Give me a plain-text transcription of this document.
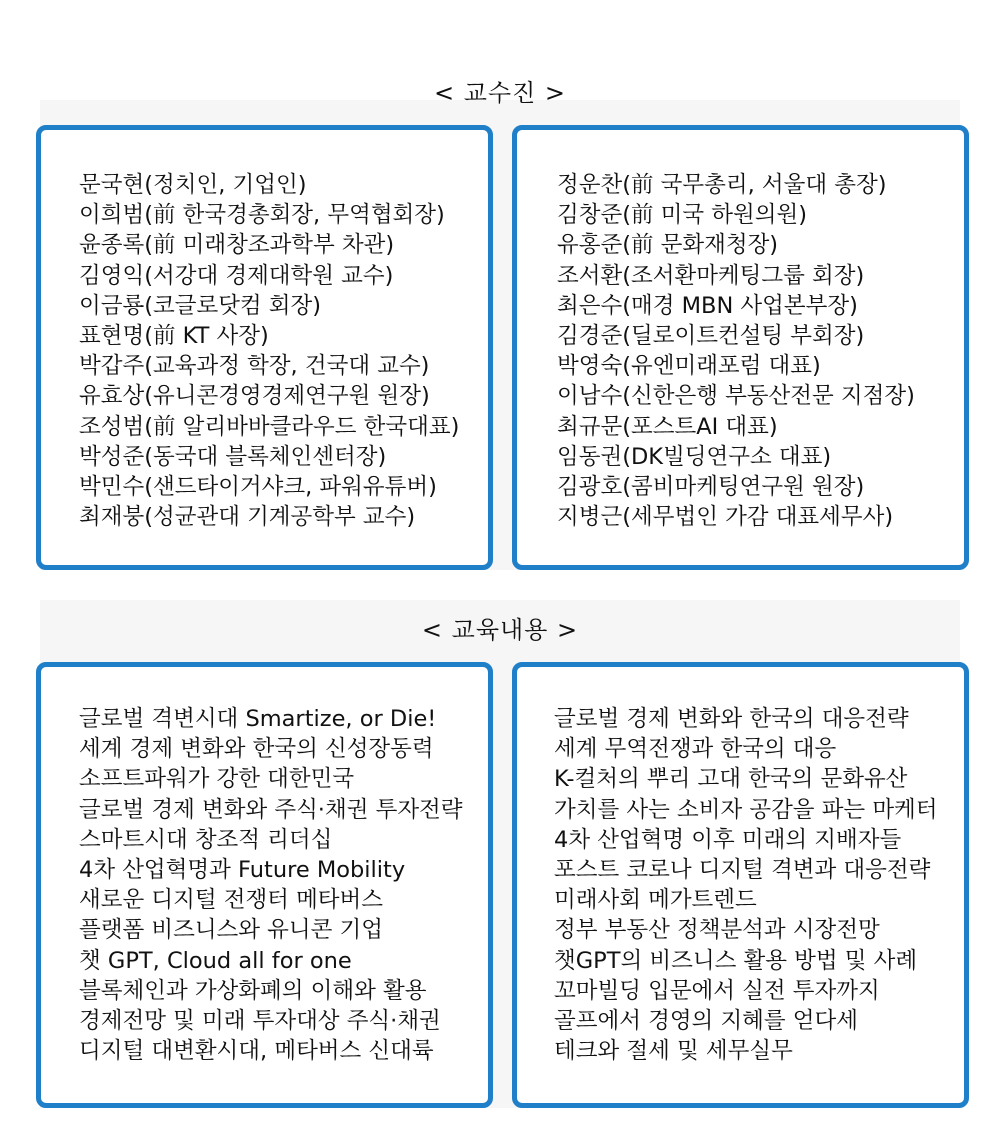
< 교수진 >
문국현(정치인, 기업인)
이희범(前 한국경총회장, 무역협회장)
윤종록(前 미래창조과학부 차관)
김영익(서강대 경제대학원 교수)
이금룡(코글로닷컴 회장)
표현명(前 KT 사장)
박갑주(교육과정 학장, 건국대 교수)
유효상(유니콘경영경제연구원 원장)
조성범(前 알리바바클라우드 한국대표)
박성준(동국대 블록체인센터장)
박민수(샌드타이거샤크, 파워유튜버)
최재붕(성균관대 기계공학부 교수)
정운찬(前 국무총리, 서울대 총장)
김창준(前 미국 하원의원)
유홍준(前 문화재청장)
조서환(조서환마케팅그룹 회장)
최은수(매경 MBN 사업본부장)
김경준(딜로이트컨설팅 부회장)
박영숙(유엔미래포럼 대표)
이남수(신한은행 부동산전문 지점장)
최규문(포스트AI 대표)
임동권(DK빌딩연구소 대표)
김광호(콤비마케팅연구원 원장)
지병근(세무법인 가감 대표세무사)
< 교육내용 >
글로벌 격변시대 Smartize, or Die!
세계 경제 변화와 한국의 신성장동력
소프트파워가 강한 대한민국
글로벌 경제 변화와 주식·채권 투자전략
스마트시대 창조적 리더십
4차 산업혁명과 Future Mobility
새로운 디지털 전쟁터 메타버스
플랫폼 비즈니스와 유니콘 기업
챗 GPT, Cloud all for one
블록체인과 가상화폐의 이해와 활용
경제전망 및 미래 투자대상 주식·채권
디지털 대변환시대, 메타버스 신대륙
글로벌 경제 변화와 한국의 대응전략
세계 무역전쟁과 한국의 대응
K-컬처의 뿌리 고대 한국의 문화유산
가치를 사는 소비자 공감을 파는 마케터
4차 산업혁명 이후 미래의 지배자들
포스트 코로나 디지털 격변과 대응전략
미래사회 메가트렌드
정부 부동산 정책분석과 시장전망
챗GPT의 비즈니스 활용 방법 및 사례
꼬마빌딩 입문에서 실전 투자까지
골프에서 경영의 지혜를 얻다세
테크와 절세 및 세무실무
